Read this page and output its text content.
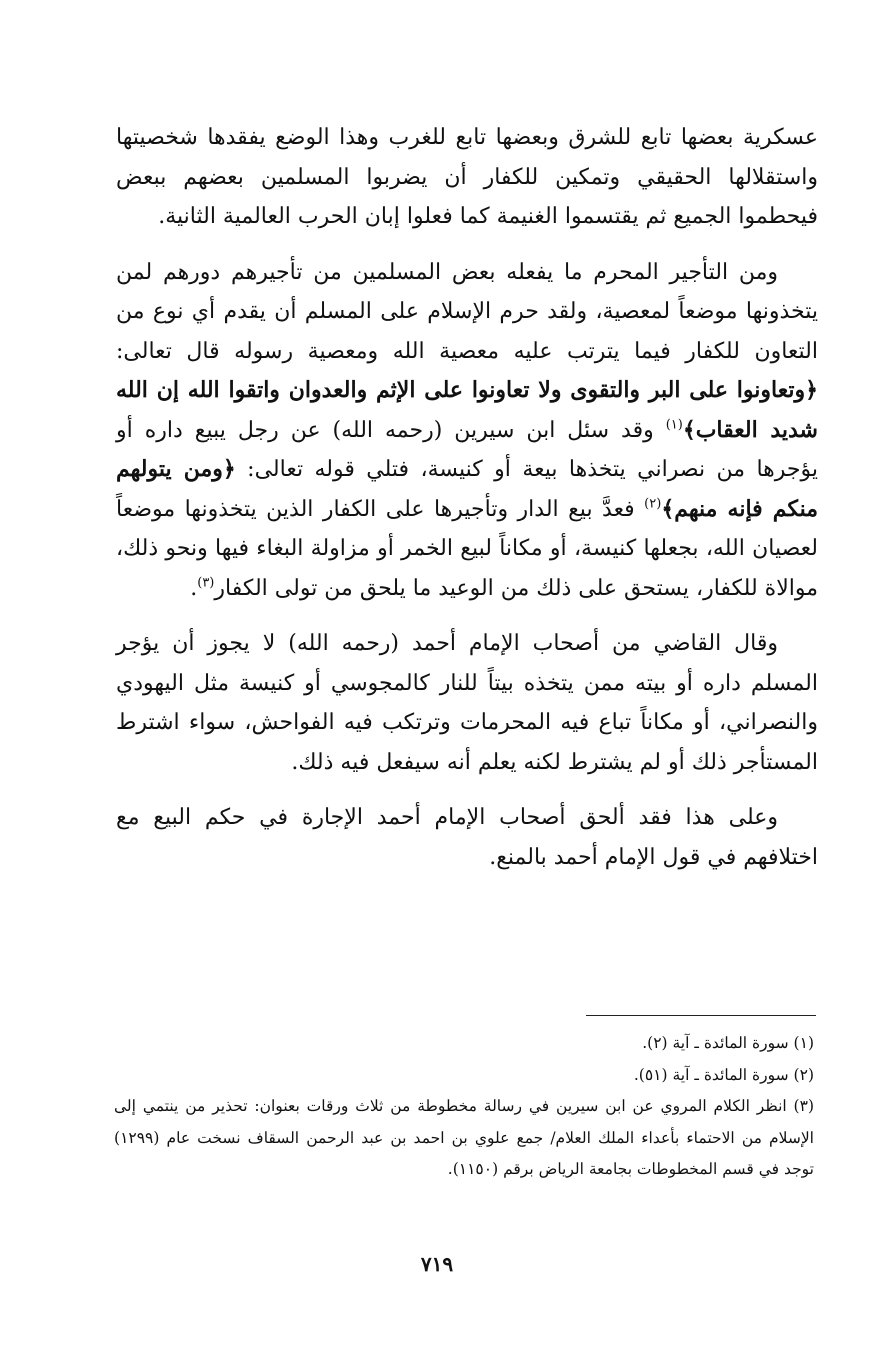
عسكرية بعضها تابع للشرق وبعضها تابع للغرب وهذا الوضع يفقدها شخصيتها واستقلالها الحقيقي وتمكين للكفار أن يضربوا المسلمين بعضهم ببعض فيحطموا الجميع ثم يقتسموا الغنيمة كما فعلوا إبان الحرب العالمية الثانية.

ومن التأجير المحرم ما يفعله بعض المسلمين من تأجيرهم دورهم لمن يتخذونها موضعاً لمعصية، ولقد حرم الإسلام على المسلم أن يقدم أي نوع من التعاون للكفار فيما يترتب عليه معصية الله ومعصية رسوله قال تعالى: ﴿وتعاونوا على البر والتقوى ولا تعاونوا على الإثم والعدوان واتقوا الله إن الله شديد العقاب﴾$^{(١)}$ وقد سئل ابن سيرين (رحمه الله) عن رجل يبيع داره أو يؤجرها من نصراني يتخذها بيعة أو كنيسة، فتلي قوله تعالى: ﴿ومن يتولهم منكم فإنه منهم﴾$^{(٢)}$ فعدَّ بيع الدار وتأجيرها على الكفار الذين يتخذونها موضعاً لعصيان الله، بجعلها كنيسة، أو مكاناً لبيع الخمر أو مزاولة البغاء فيها ونحو ذلك، موالاة للكفار، يستحق على ذلك من الوعيد ما يلحق من تولى الكفار$^{(٣)}$.

وقال القاضي من أصحاب الإمام أحمد (رحمه الله) لا يجوز أن يؤجر المسلم داره أو بيته ممن يتخذه بيتاً للنار كالمجوسي أو كنيسة مثل اليهودي والنصراني، أو مكاناً تباع فيه المحرمات وترتكب فيه الفواحش، سواء اشترط المستأجر ذلك أو لم يشترط لكنه يعلم أنه سيفعل فيه ذلك.

وعلى هذا فقد ألحق أصحاب الإمام أحمد الإجارة في حكم البيع مع اختلافهم في قول الإمام أحمد بالمنع.

(١) سورة المائدة ـ آية (٢).

(٢) سورة المائدة ـ آية (٥١).

(٣) انظر الكلام المروي عن ابن سيرين في رسالة مخطوطة من ثلاث ورقات بعنوان: تحذير من ينتمي إلى الإسلام من الاحتماء بأعداء الملك العلام/ جمع علوي بن احمد بن عبد الرحمن السقاف نسخت عام (١٢٩٩) توجد في قسم المخطوطات بجامعة الرياض برقم (١١٥٠).

٧١٩
